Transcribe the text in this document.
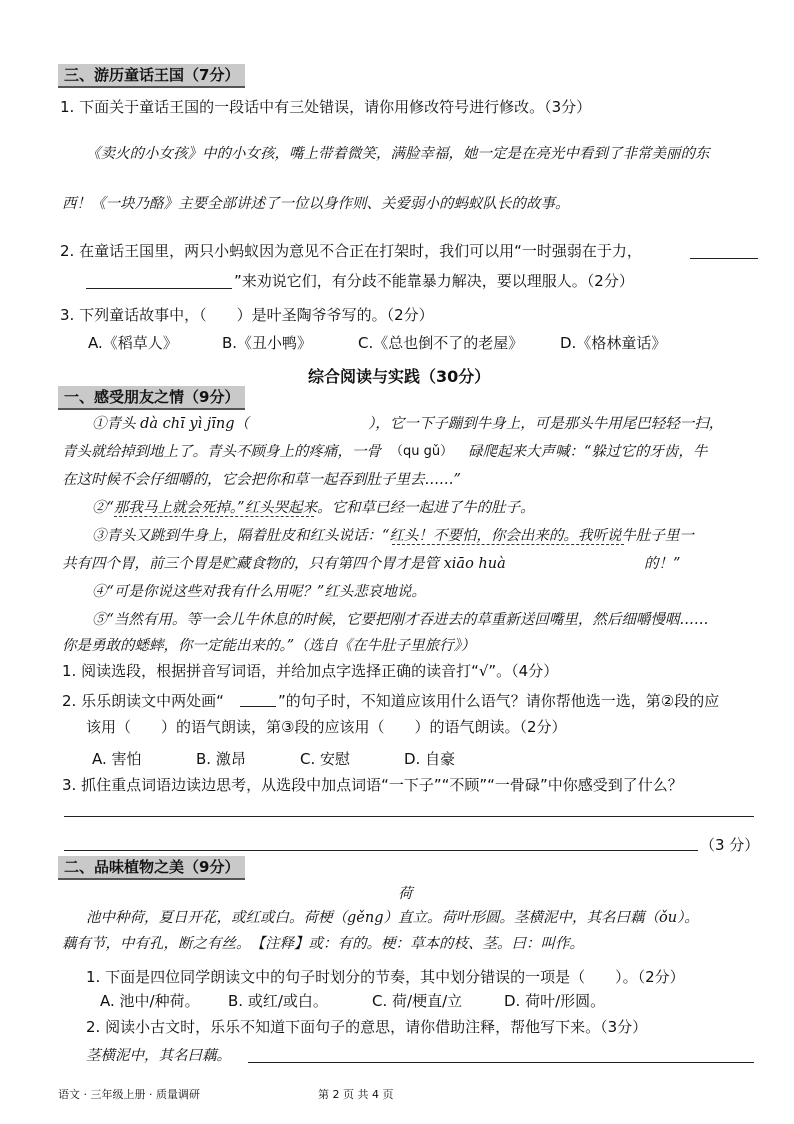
三、游历童话王国（7分）
1. 下面关于童话王国的一段话中有三处错误，请你用修改符号进行修改。（3分）
《卖火的小女孩》中的小女孩，嘴上带着微笑，满脸幸福，她一定是在亮光中看到了非常美丽的东
西！《一块乃酪》主要全部讲述了一位以身作则、关爱弱小的蚂蚁队长的故事。
2. 在童话王国里，两只小蚂蚁因为意见不合正在打架时，我们可以用“一时强弱在于力，
”来劝说它们，有分歧不能靠暴力解决，要以理服人。（2分）
3. 下列童话故事中，（　　）是叶圣陶爷爷写的。（2分）
A.《稻草人》	B.《丑小鸭》	C.《总也倒不了的老屋》 D.《格林童话》
综合阅读与实践（30分）
一、感受朋友之情（9分）
①青头 dà chī yì jīng（	），它一下子蹦到牛身上，可是那头牛用尾巴轻轻一扫，
青头就给掉到地上了。青头不顾身上的疼痛，一骨 （qu gǔ） 碌爬起来大声喊：“躲过它的牙齿，牛
在这时候不会仔细嚼的，它会把你和草一起吞到肚子里去……”
②“那我马上就会死掉。”红头哭起来。它和草已经一起进了牛的肚子。
③青头又跳到牛身上，隔着肚皮和红头说话：“红头！不要怕，你会出来的。我听说牛肚子里一
共有四个胃，前三个胃是贮藏食物的，只有第四个胃才是管 xiāo huà	的！”
④“可是你说这些对我有什么用呢？”红头悲哀地说。
⑤“当然有用。等一会儿牛休息的时候，它要把刚才吞进去的草重新送回嘴里，然后细嚼慢咽……
你是勇敢的蟋蟀，你一定能出来的。”（选自《在牛肚子里旅行》）
1. 阅读选段，根据拼音写词语，并给加点字选择正确的读音打“√”。（4分）
2. 乐乐朗读文中两处画“	”的句子时，不知道应该用什么语气？请你帮他选一选，第②段的应
该用（　　）的语气朗读，第③段的应该用（　　）的语气朗读。（2分）
A. 害怕	B. 激昂	C. 安慰	D. 自豪
3. 抓住重点词语边读边思考，从选段中加点词语“一下子”“不顾”“一骨碌”中你感受到了什么？
（3 分）
二、品味植物之美（9分）
荷
池中种荷，夏日开花，或红或白。荷梗（gěng）直立。荷叶形圆。茎横泥中，其名曰藕（ǒu）。
藕有节，中有孔，断之有丝。　【注释】或：有的。梗：草本的枝、茎。曰：叫作。
1. 下面是四位同学朗读文中的句子时划分的节奏，其中划分错误的一项是（　　）。（2分）
A. 池中/种荷。 B. 或红/或白。	C. 荷/梗直/立	D. 荷叶/形圆。
2. 阅读小古文时，乐乐不知道下面句子的意思，请你借助注释，帮他写下来。（3分）
茎横泥中，其名曰藕。
语文 · 三年级上册 · 质量调研	第 2 页 共 4 页
